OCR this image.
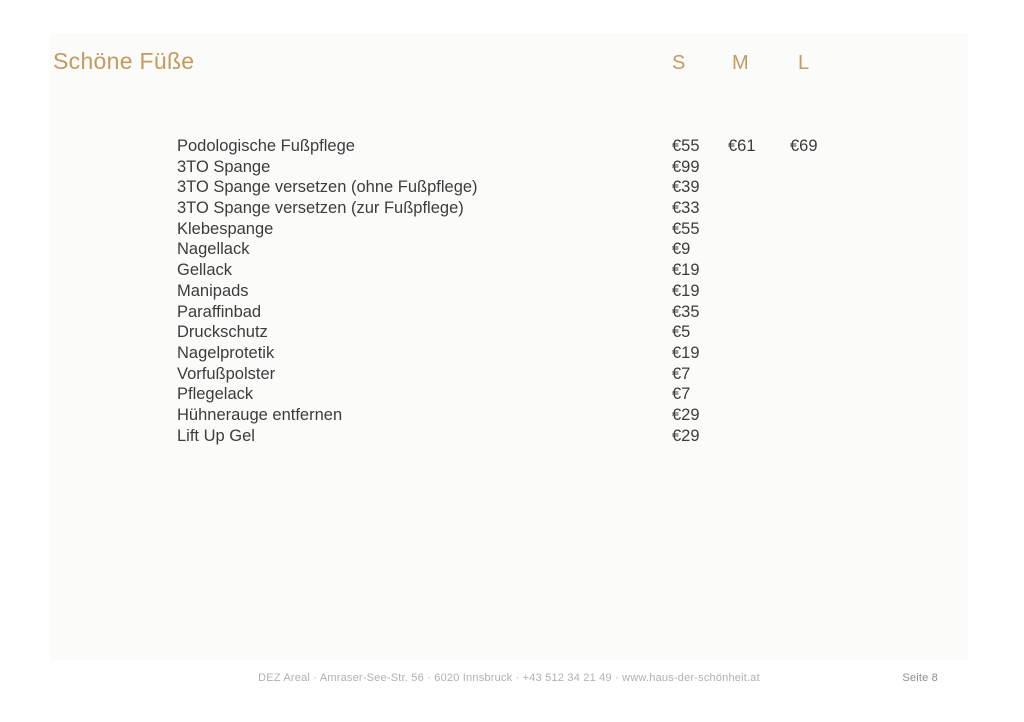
Schöne Füße	S M L
Podologische Fußpflege	€55	€61	€69
3TO Spange	€99
3TO Spange versetzen (ohne Fußpflege)	€39
3TO Spange versetzen (zur Fußpflege)	€33
Klebespange	€55
Nagellack	€9
Gellack	€19
Manipads	€19
Paraffinbad	€35
Druckschutz	€5
Nagelprotetik	€19
Vorfußpolster	€7
Pflegelack	€7
Hühnerauge entfernen	€29
Lift Up Gel	€29
DEZ Areal · Amraser-See-Str. 56 · 6020 Innsbruck · +43 512 34 21 49 · www.haus-der-schönheit.at	Seite 8
